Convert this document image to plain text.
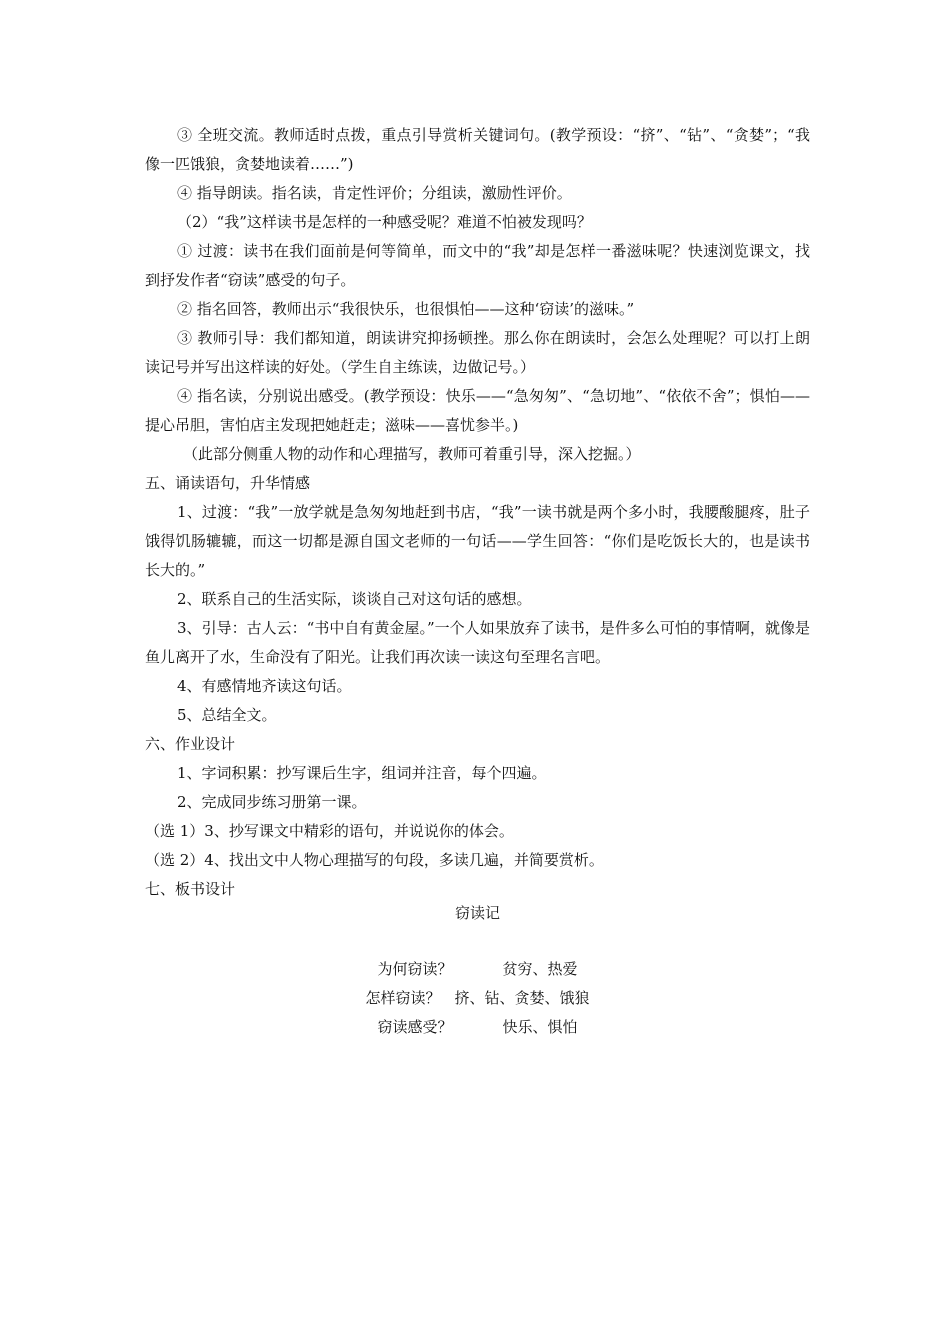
③ 全班交流。教师适时点拨，重点引导赏析关键词句。(教学预设：“挤”、“钻”、“贪婪”；“我像一匹饿狼，贪婪地读着……”)

④ 指导朗读。指名读，肯定性评价；分组读，激励性评价。

（2）“我”这样读书是怎样的一种感受呢？难道不怕被发现吗？

① 过渡：读书在我们面前是何等简单，而文中的“我”却是怎样一番滋味呢？快速浏览课文，找到抒发作者“窃读”感受的句子。

② 指名回答，教师出示“我很快乐，也很惧怕——这种‘窃读’的滋味。”

③ 教师引导：我们都知道，朗读讲究抑扬顿挫。那么你在朗读时，会怎么处理呢？可以打上朗读记号并写出这样读的好处。（学生自主练读，边做记号。）

④ 指名读，分别说出感受。(教学预设：快乐——“急匆匆”、“急切地”、“依依不舍”；惧怕——提心吊胆，害怕店主发现把她赶走；滋味——喜忧参半。)

（此部分侧重人物的动作和心理描写，教师可着重引导，深入挖掘。）

五、诵读语句，升华情感

1、过渡：“我”一放学就是急匆匆地赶到书店，“我”一读书就是两个多小时，我腰酸腿疼，肚子饿得饥肠辘辘，而这一切都是源自国文老师的一句话——学生回答：“你们是吃饭长大的，也是读书长大的。”

2、联系自己的生活实际，谈谈自己对这句话的感想。

3、引导：古人云：“书中自有黄金屋。”一个人如果放弃了读书，是件多么可怕的事情啊，就像是鱼儿离开了水，生命没有了阳光。让我们再次读一读这句至理名言吧。

4、有感情地齐读这句话。

5、总结全文。

六、作业设计

1、字词积累：抄写课后生字，组词并注音，每个四遍。

2、完成同步练习册第一课。

（选 1）3、抄写课文中精彩的语句，并说说你的体会。

（选 2）4、找出文中人物心理描写的句段，多读几遍，并简要赏析。

七、板书设计

窃读记
为何窃读？	贫穷、热爱
怎样窃读？ 挤、钻、贪婪、饿狼
窃读感受？	快乐、惧怕
